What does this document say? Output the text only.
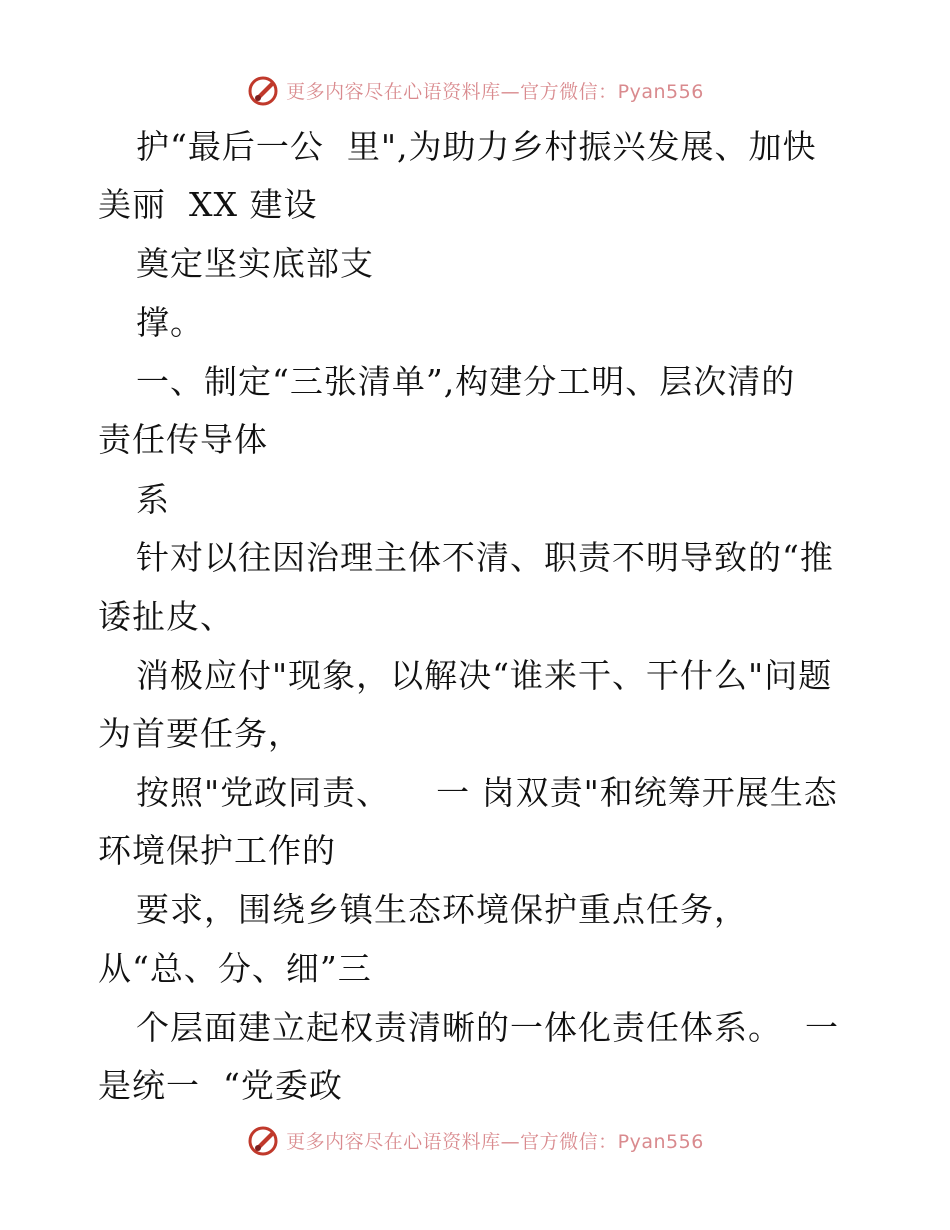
更多内容尽在心语资料库—官方微信：Pyan556
护“最后一公  里",为助力乡村振兴发展、加快
美丽  XX 建设
奠定坚实底部支
撑。
一、制定“三张清单”,构建分工明、层次清的
责任传导体
系
针对以往因治理主体不清、职责不明导致的“推
诿扯皮、
消极应付"现象，以解决“谁来干、干什么"问题
为首要任务，
按照"党政同责、    一 岗双责"和统筹开展生态
环境保护工作的
要求，围绕乡镇生态环境保护重点任务，
从“总、分、细”三
个层面建立起权责清晰的一体化责任体系。  一
是统一  “党委政
更多内容尽在心语资料库—官方微信：Pyan556
